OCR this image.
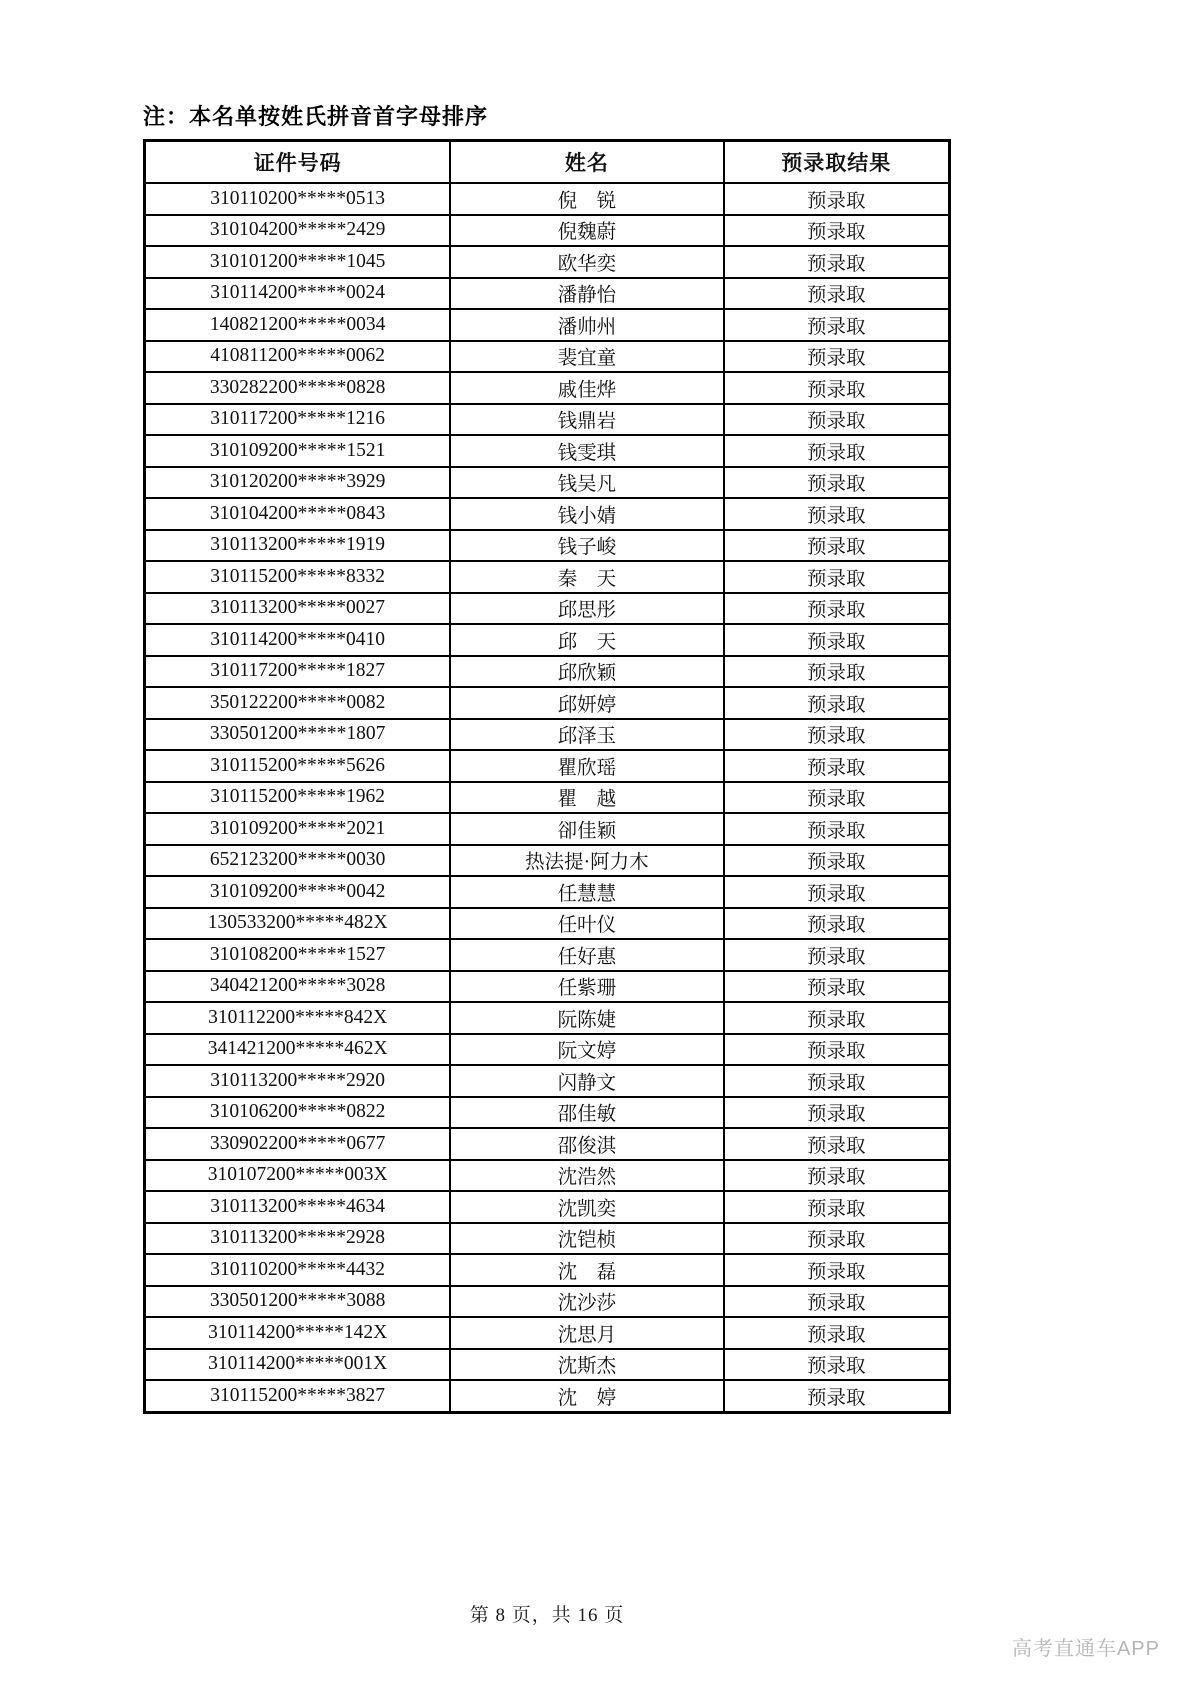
注：本名单按姓氏拼音首字母排序
证件号码	姓名	预录取结果
310110200*****0513	倪　锐	预录取
310104200*****2429	倪魏蔚	预录取
310101200*****1045	欧华奕	预录取
310114200*****0024	潘静怡	预录取
140821200*****0034	潘帅州	预录取
410811200*****0062	裴宜童	预录取
330282200*****0828	戚佳烨	预录取
310117200*****1216	钱鼎岩	预录取
310109200*****1521	钱雯琪	预录取
310120200*****3929	钱吴凡	预录取
310104200*****0843	钱小婧	预录取
310113200*****1919	钱子峻	预录取
310115200*****8332	秦　天	预录取
310113200*****0027	邱思彤	预录取
310114200*****0410	邱　天	预录取
310117200*****1827	邱欣颖	预录取
350122200*****0082	邱妍婷	预录取
330501200*****1807	邱泽玉	预录取
310115200*****5626	瞿欣瑶	预录取
310115200*****1962	瞿　越	预录取
310109200*****2021	卻佳颖	预录取
652123200*****0030	热法提·阿力木	预录取
310109200*****0042	任慧慧	预录取
130533200*****482X	任叶仪	预录取
310108200*****1527	任好惠	预录取
340421200*****3028	任紫珊	预录取
310112200*****842X	阮陈婕	预录取
341421200*****462X	阮文婷	预录取
310113200*****2920	闪静文	预录取
310106200*****0822	邵佳敏	预录取
330902200*****0677	邵俊淇	预录取
310107200*****003X	沈浩然	预录取
310113200*****4634	沈凯奕	预录取
310113200*****2928	沈铠桢	预录取
310110200*****4432	沈　磊	预录取
330501200*****3088	沈沙莎	预录取
310114200*****142X	沈思月	预录取
310114200*****001X	沈斯杰	预录取
310115200*****3827	沈　婷	预录取
第 8 页，共 16 页
高考直通车APP
